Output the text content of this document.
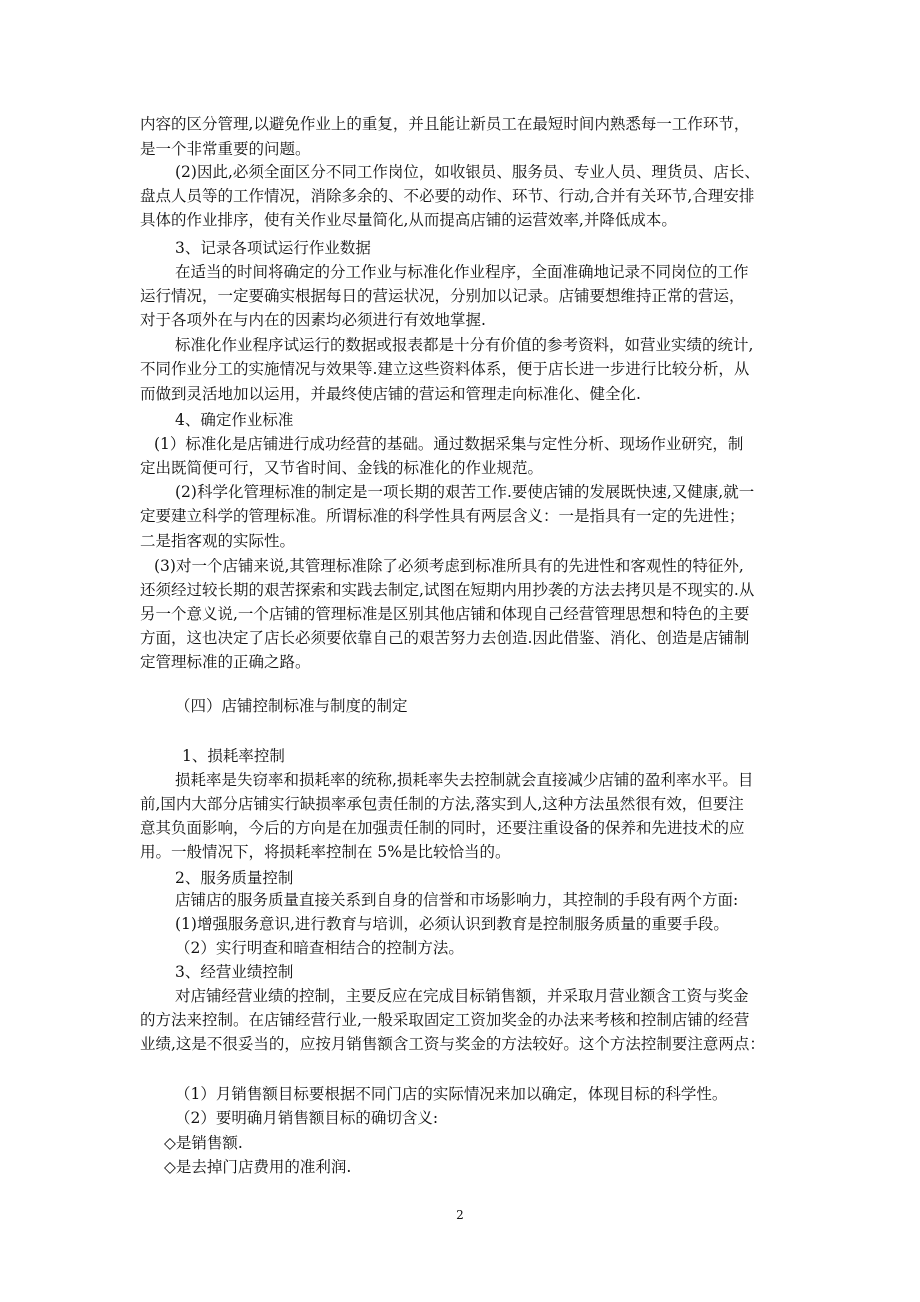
内容的区分管理,以避免作业上的重复，并且能让新员工在最短时间内熟悉每一工作环节，
是一个非常重要的问题。
(2)因此,必须全面区分不同工作岗位，如收银员、服务员、专业人员、理货员、店长、
盘点人员等的工作情况，消除多余的、不必要的动作、环节、行动,合并有关环节,合理安排
具体的作业排序，使有关作业尽量简化,从而提高店铺的运营效率,并降低成本。
3、记录各项试运行作业数据
在适当的时间将确定的分工作业与标准化作业程序，全面准确地记录不同岗位的工作
运行情况，一定要确实根据每日的营运状况，分别加以记录。店铺要想维持正常的营运，
对于各项外在与内在的因素均必须进行有效地掌握.
标准化作业程序试运行的数据或报表都是十分有价值的参考资料，如营业实绩的统计,
不同作业分工的实施情况与效果等.建立这些资料体系，便于店长进一步进行比较分析，从
而做到灵活地加以运用，并最终使店铺的营运和管理走向标准化、健全化.
4、确定作业标准
(1）标准化是店铺进行成功经营的基础。通过数据采集与定性分析、现场作业研究，制
定出既简便可行，又节省时间、金钱的标准化的作业规范。
(2)科学化管理标准的制定是一项长期的艰苦工作.要使店铺的发展既快速,又健康,就一
定要建立科学的管理标准。所谓标准的科学性具有两层含义：一是指具有一定的先进性；
二是指客观的实际性。
(3)对一个店铺来说,其管理标准除了必须考虑到标准所具有的先进性和客观性的特征外,
还须经过较长期的艰苦探索和实践去制定,试图在短期内用抄袭的方法去拷贝是不现实的.从
另一个意义说,一个店铺的管理标准是区别其他店铺和体现自己经营管理思想和特色的主要
方面，这也决定了店长必须要依靠自己的艰苦努力去创造.因此借鉴、消化、创造是店铺制
定管理标准的正确之路。
（四）店铺控制标准与制度的制定
1、损耗率控制
损耗率是失窃率和损耗率的统称,损耗率失去控制就会直接减少店铺的盈利率水平。目
前,国内大部分店铺实行缺损率承包责任制的方法,落实到人,这种方法虽然很有效，但要注
意其负面影响，今后的方向是在加强责任制的同时，还要注重设备的保养和先进技术的应
用。一般情况下，将损耗率控制在 5%是比较恰当的。
2、服务质量控制
店铺店的服务质量直接关系到自身的信誉和市场影响力，其控制的手段有两个方面:
(1)增强服务意识,进行教育与培训，必须认识到教育是控制服务质量的重要手段。
（2）实行明查和暗查相结合的控制方法。
3、经营业绩控制
对店铺经营业绩的控制，主要反应在完成目标销售额，并采取月营业额含工资与奖金
的方法来控制。在店铺经营行业,一般采取固定工资加奖金的办法来考核和控制店铺的经营
业绩,这是不很妥当的，应按月销售额含工资与奖金的方法较好。这个方法控制要注意两点：
（1）月销售额目标要根据不同门店的实际情况来加以确定，体现目标的科学性。
（2）要明确月销售额目标的确切含义:
◇是销售额.
◇是去掉门店费用的准利润.
2
